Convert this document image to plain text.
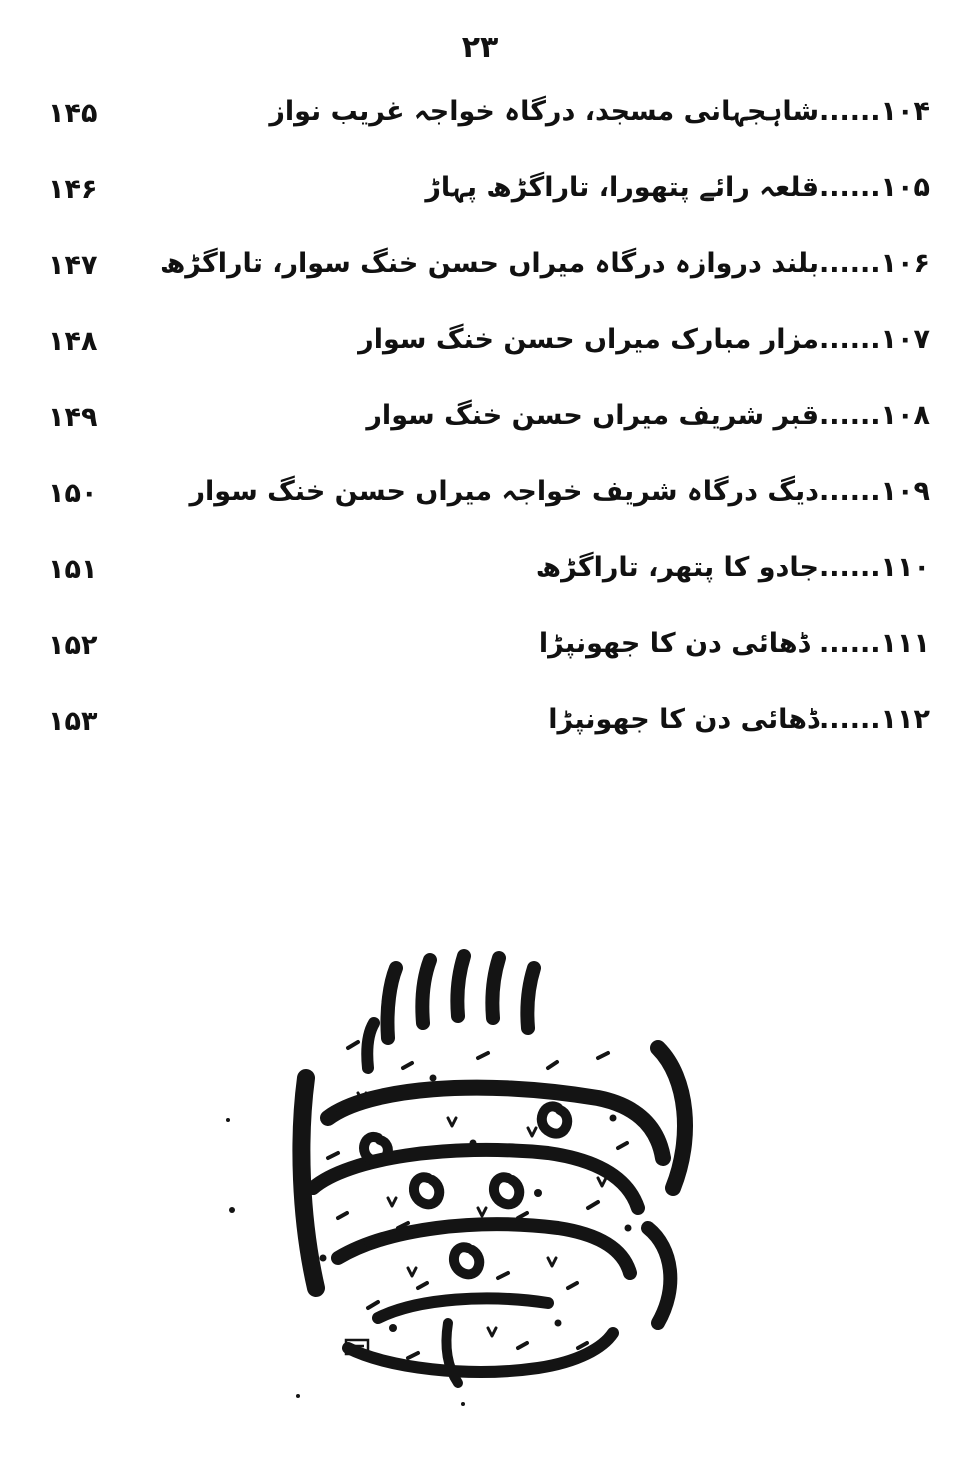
۲۳
۱۰۴......شاہجہانی مسجد، درگاہ خواجہ غریب نواز
۱۴۵
۱۰۵......قلعہ رائے پتھورا، تاراگڑھ پہاڑ
۱۴۶
۱۰۶......بلند دروازہ درگاہ میراں حسن خنگ سوار، تاراگڑھ
۱۴۷
۱۰۷......مزار مبارک میراں حسن خنگ سوار
۱۴۸
۱۰۸......قبر شریف میراں حسن خنگ سوار
۱۴۹
۱۰۹......دیگ درگاہ شریف خواجہ میراں حسن خنگ سوار
۱۵۰
۱۱۰......جادو کا پتھر، تاراگڑھ
۱۵۱
۱۱۱...... ڈھائی دن کا جھونپڑا
۱۵۲
۱۱۲......ڈھائی دن کا جھونپڑا
۱۵۳
